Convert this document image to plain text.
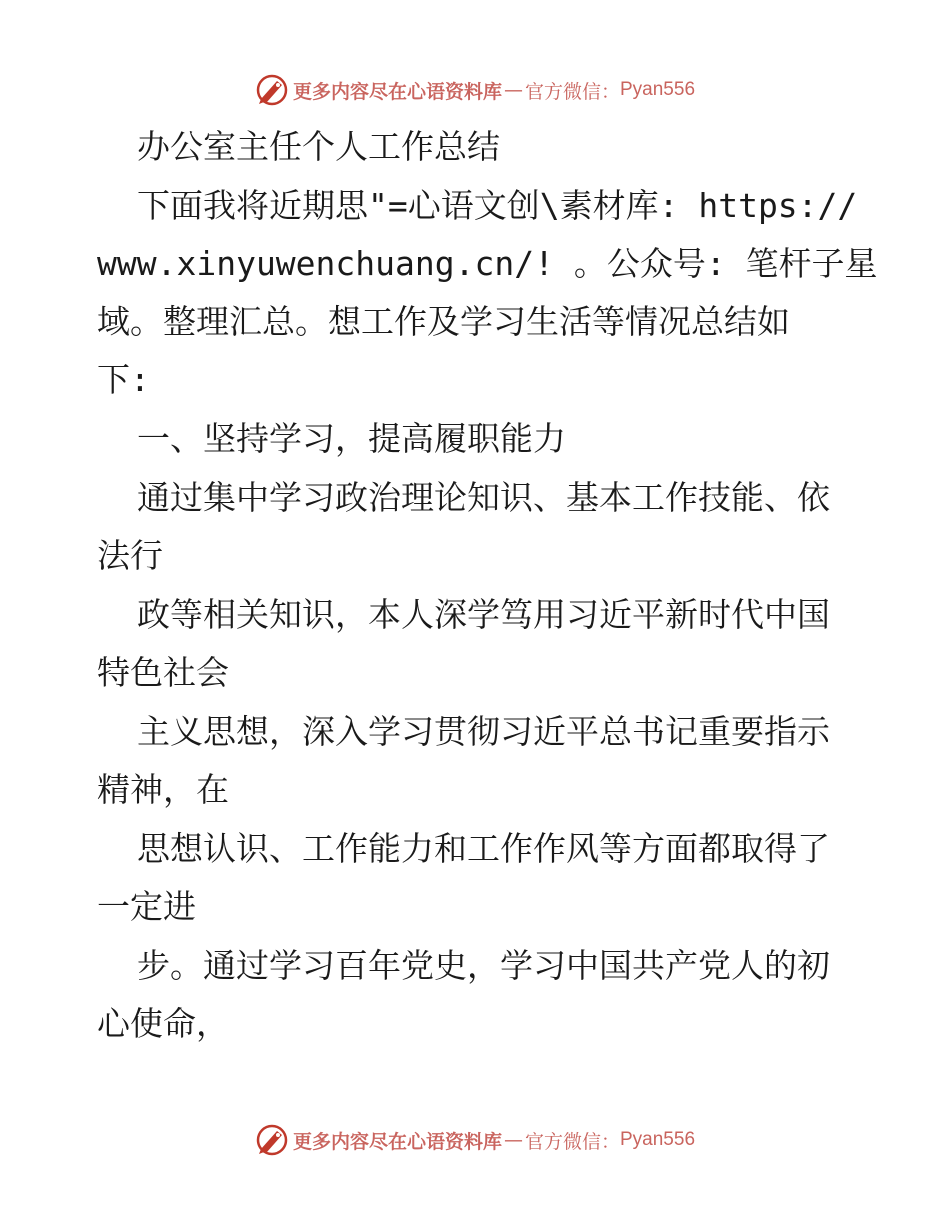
更多内容尽在心语资料库 — 官方微信： Pyan556
办公室主任个人工作总结
下面我将近期思"=心语文创\素材库: https://
www.xinyuwenchuang.cn/! 。公众号: 笔杆子星
域。整理汇总。想工作及学习生活等情况总结如
下:
一、坚持学习，提高履职能力
通过集中学习政治理论知识、基本工作技能、依
法行
政等相关知识，本人深学笃用习近平新时代中国
特色社会
主义思想，深入学习贯彻习近平总书记重要指示
精神，在
思想认识、工作能力和工作作风等方面都取得了
一定进
步。通过学习百年党史，学习中国共产党人的初
心使命，
更多内容尽在心语资料库 — 官方微信： Pyan556
